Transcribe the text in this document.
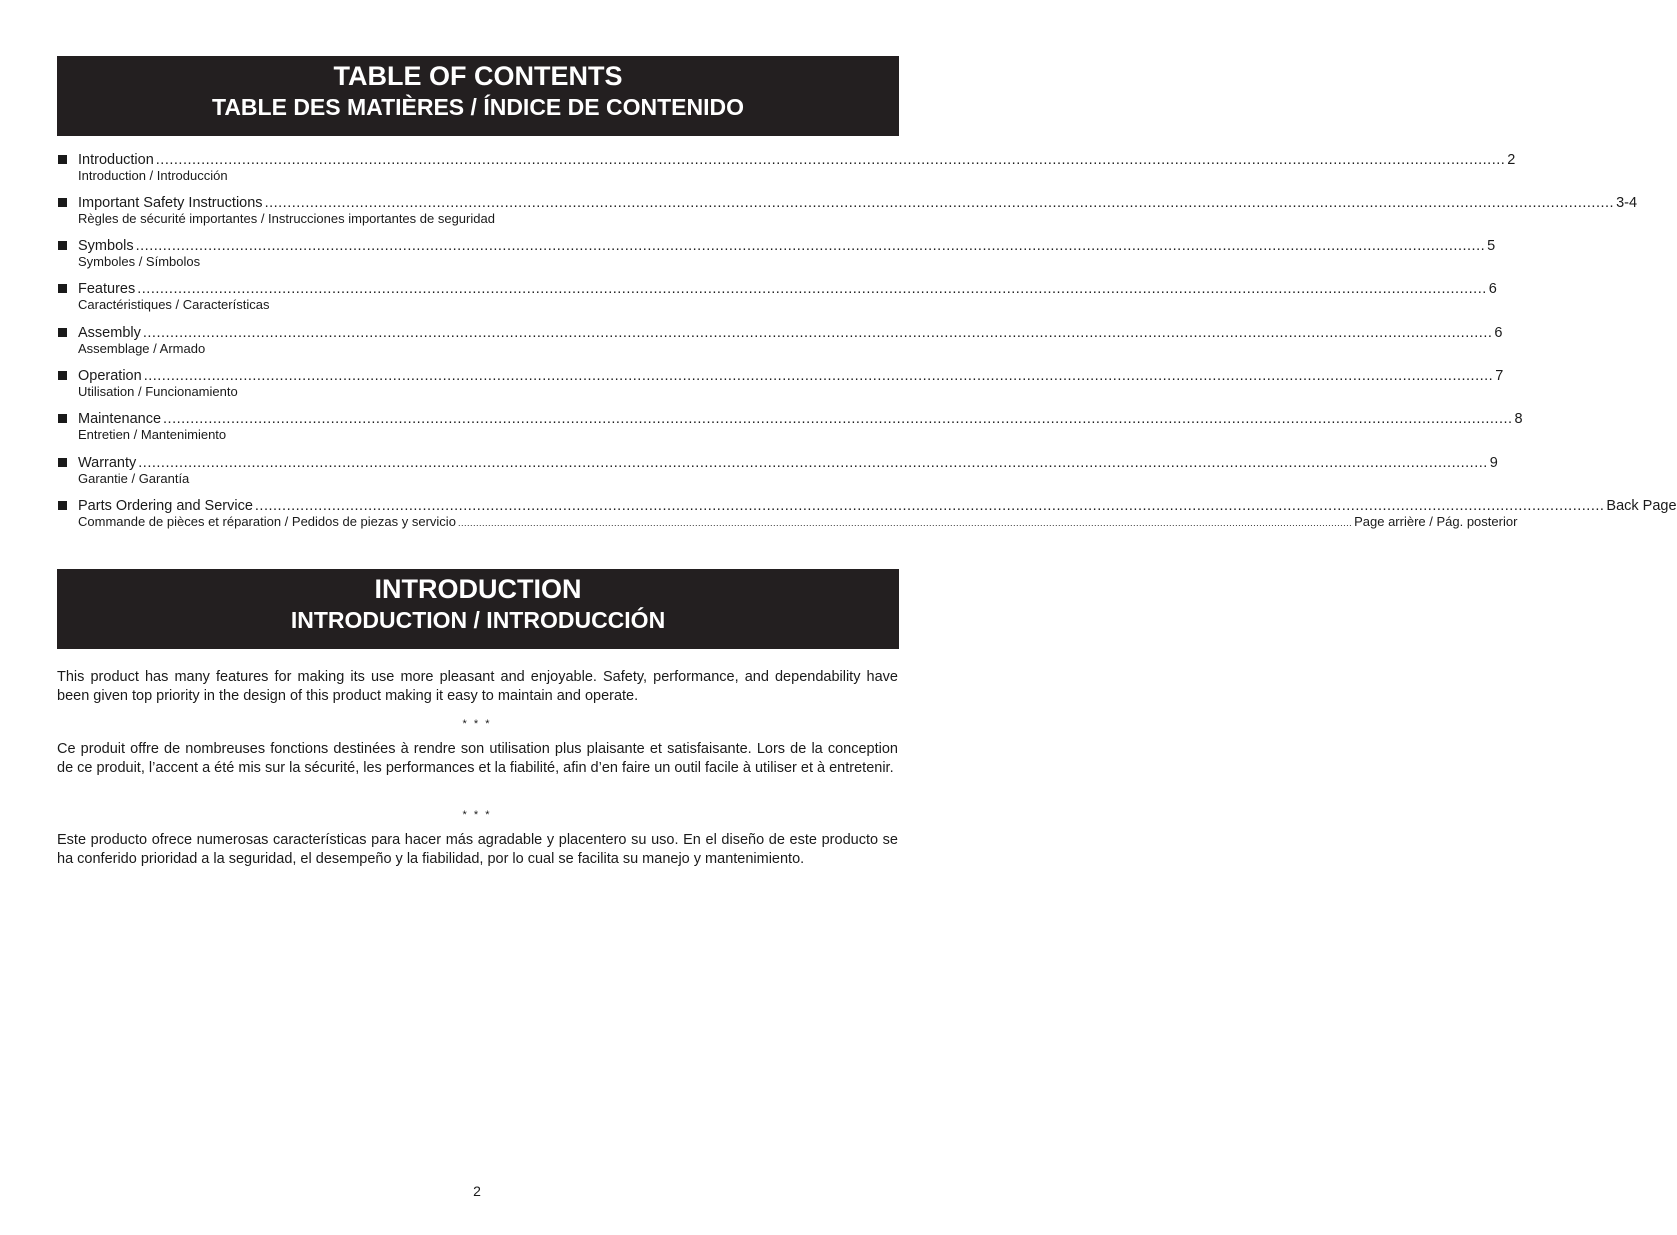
TABLE OF CONTENTS
TABLE DES MATIÈRES / ÍNDICE DE CONTENIDO
Introduction .......................................................................................................................................................................................................................................................................................................... 2
Introduction / Introducción
Important Safety Instructions .......................................................................................................................................................................................................................................................................................................... 3-4
Règles de sécurité importantes / Instrucciones importantes de seguridad
Symbols .......................................................................................................................................................................................................................................................................................................... 5
Symboles / Símbolos
Features .......................................................................................................................................................................................................................................................................................................... 6
Caractéristiques / Características
Assembly .......................................................................................................................................................................................................................................................................................................... 6
Assemblage / Armado
Operation .......................................................................................................................................................................................................................................................................................................... 7
Utilisation / Funcionamiento
Maintenance .......................................................................................................................................................................................................................................................................................................... 8
Entretien / Mantenimiento
Warranty .......................................................................................................................................................................................................................................................................................................... 9
Garantie / Garantía
Parts Ordering and Service .......................................................................................................................................................................................................................................................................................................... Back Page
Commande de pièces et réparation / Pedidos de piezas y servicio .......................................................................................................................................................................................................................................................................................................... Page arrière / Pág. posterior
INTRODUCTION
INTRODUCTION / INTRODUCCIÓN

This product has many features for making its use more pleasant and enjoyable. Safety, performance, and dependability have been given top priority in the design of this product making it easy to maintain and operate.

* * *

Ce produit offre de nombreuses fonctions destinées à rendre son utilisation plus plaisante et satisfaisante. Lors de la conception de ce produit, l’accent a été mis sur la sécurité, les performances et la fiabilité, afin d’en faire un outil facile à utiliser et à entretenir.

* * *

Este producto ofrece numerosas características para hacer más agradable y placentero su uso. En el diseño de este producto se ha conferido prioridad a la seguridad, el desempeño y la fiabilidad, por lo cual se facilita su manejo y mantenimiento.

2
